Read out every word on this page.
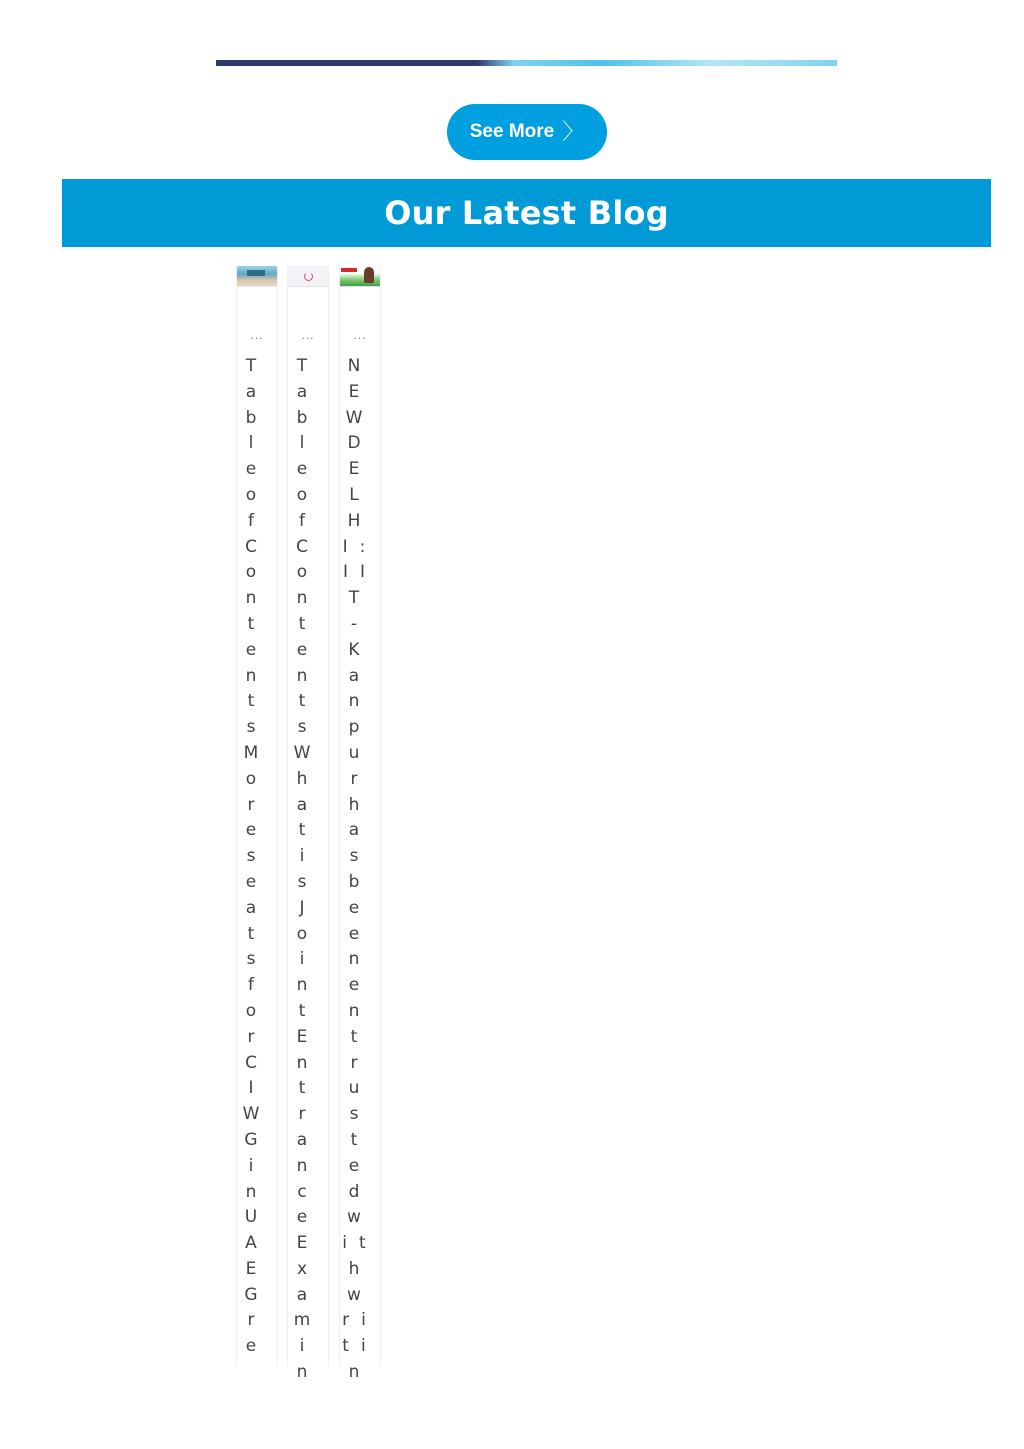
See More 〉
Our Latest Blog
...
Table of Contents More seats for CIWG in UAE Gre
...
Table of Contents What is Joint Entrance Examin
...
NEW DELHI: IIT-Kanpur has been entrusted with writin
